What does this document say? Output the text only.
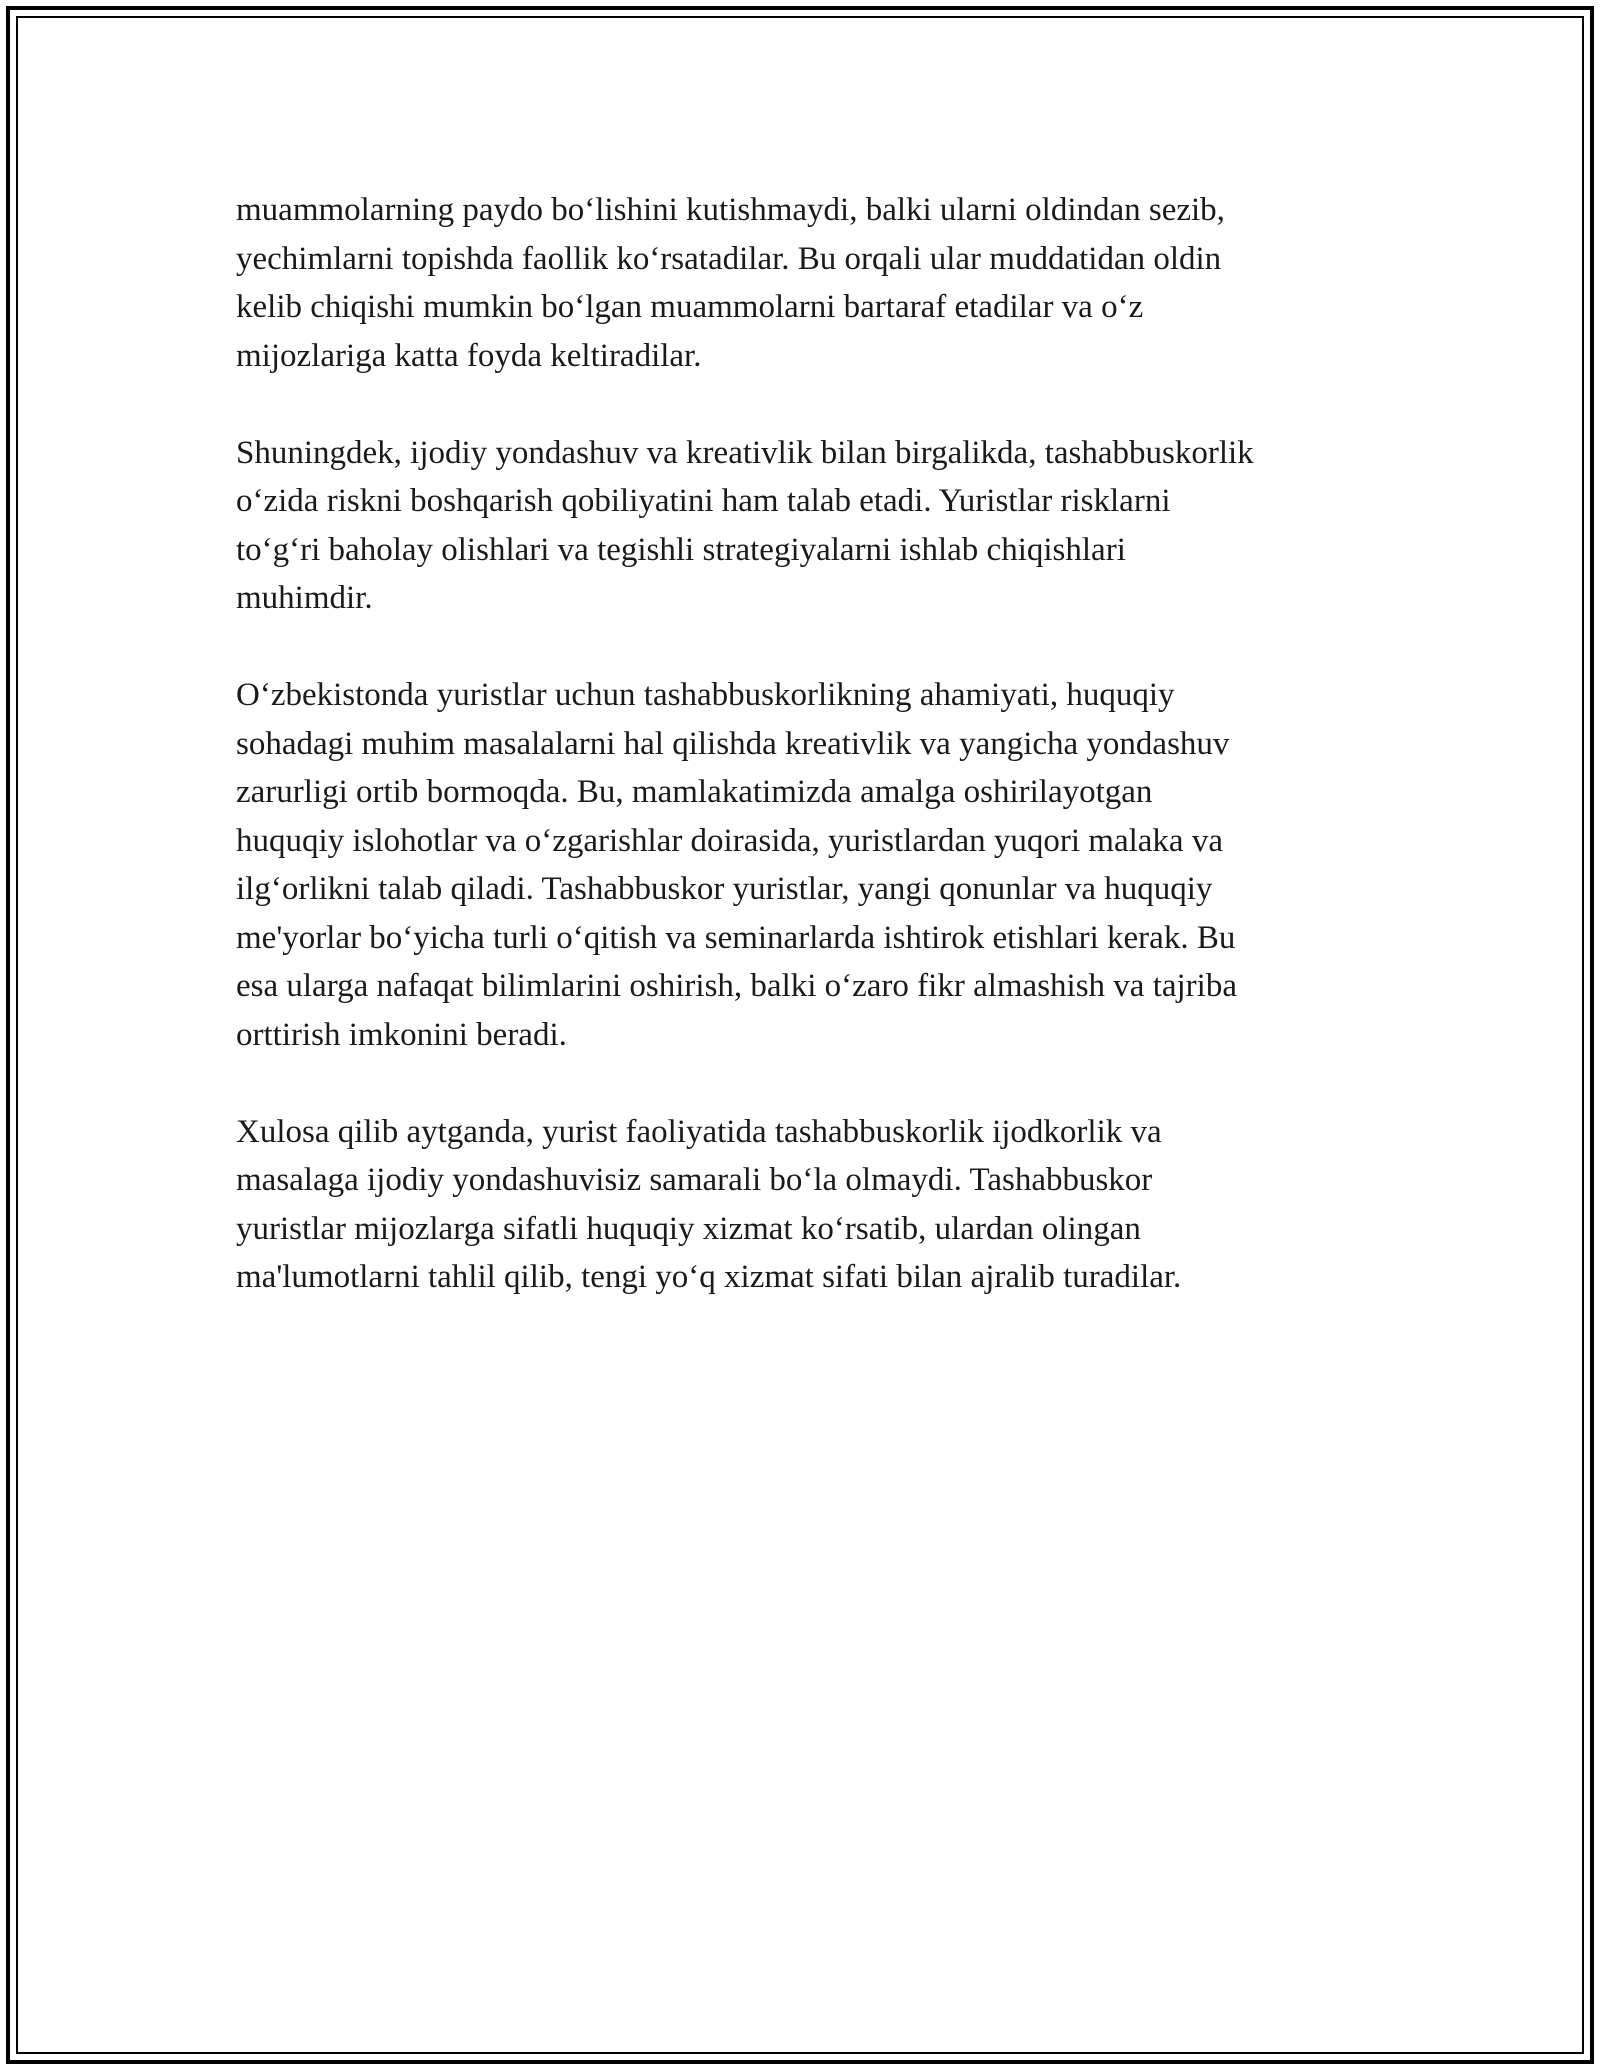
muammolarning paydo bo‘lishini kutishmaydi, balki ularni oldindan sezib,
yechimlarni topishda faollik ko‘rsatadilar. Bu orqali ular muddatidan oldin
kelib chiqishi mumkin bo‘lgan muammolarni bartaraf etadilar va o‘z
mijozlariga katta foyda keltiradilar.

Shuningdek, ijodiy yondashuv va kreativlik bilan birgalikda, tashabbuskorlik
o‘zida riskni boshqarish qobiliyatini ham talab etadi. Yuristlar risklarni
to‘g‘ri baholay olishlari va tegishli strategiyalarni ishlab chiqishlari
muhimdir.

O‘zbekistonda yuristlar uchun tashabbuskorlikning ahamiyati, huquqiy
sohadagi muhim masalalarni hal qilishda kreativlik va yangicha yondashuv
zarurligi ortib bormoqda. Bu, mamlakatimizda amalga oshirilayotgan
huquqiy islohotlar va o‘zgarishlar doirasida, yuristlardan yuqori malaka va
ilg‘orlikni talab qiladi. Tashabbuskor yuristlar, yangi qonunlar va huquqiy
me'yorlar bo‘yicha turli o‘qitish va seminarlarda ishtirok etishlari kerak. Bu
esa ularga nafaqat bilimlarini oshirish, balki o‘zaro fikr almashish va tajriba
orttirish imkonini beradi.

Xulosa qilib aytganda, yurist faoliyatida tashabbuskorlik ijodkorlik va
masalaga ijodiy yondashuvisiz samarali bo‘la olmaydi. Tashabbuskor
yuristlar mijozlarga sifatli huquqiy xizmat ko‘rsatib, ulardan olingan
ma'lumotlarni tahlil qilib, tengi yo‘q xizmat sifati bilan ajralib turadilar.
